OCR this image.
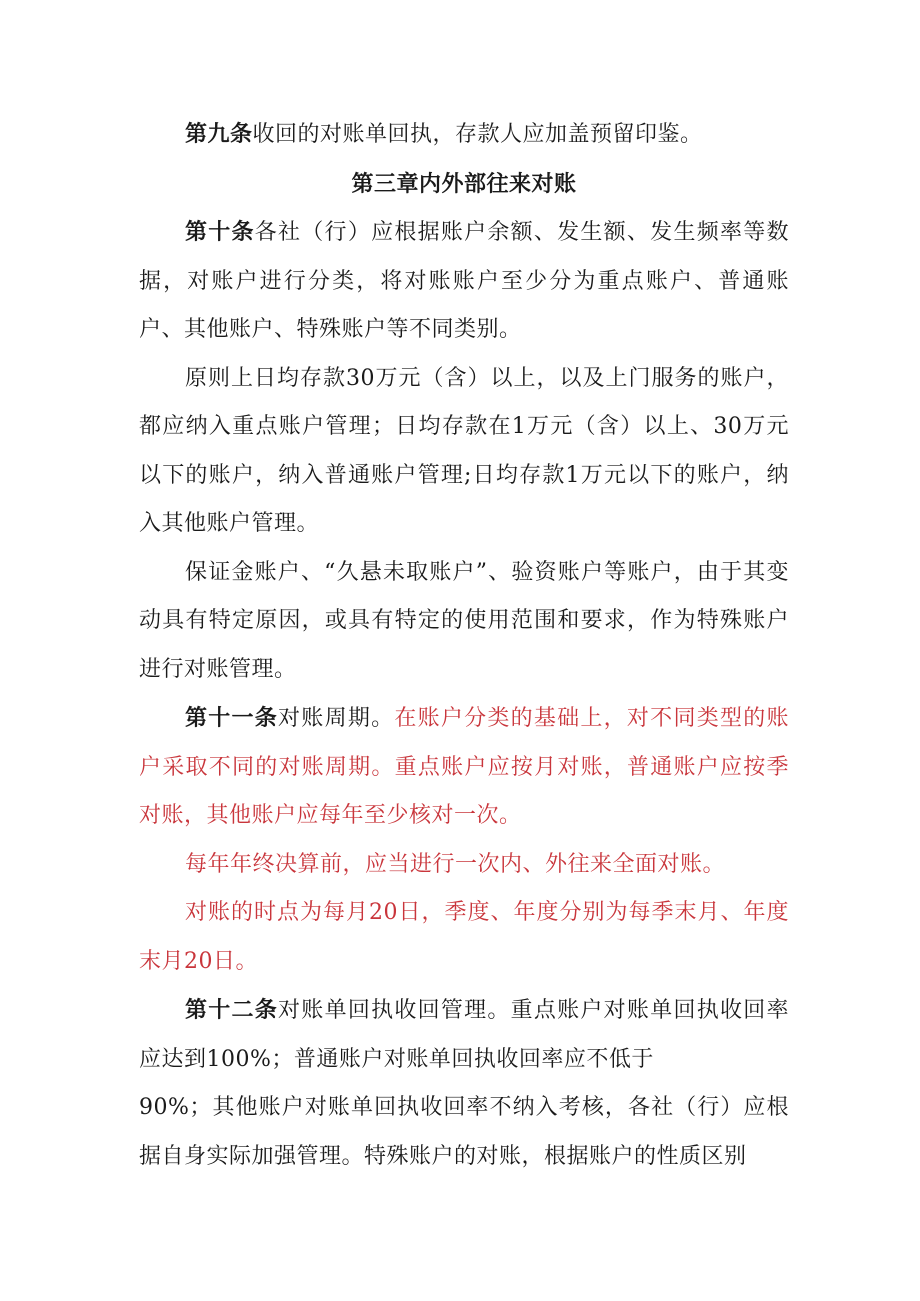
第九条收回的对账单回执，存款人应加盖预留印鉴。

第三章内外部往来对账

第十条各社（行）应根据账户余额、发生额、发生频率等数据，对账户进行分类，将对账账户至少分为重点账户、普通账户、其他账户、特殊账户等不同类别。

原则上日均存款30万元（含）以上，以及上门服务的账户，都应纳入重点账户管理；日均存款在1万元（含）以上、30万元以下的账户，纳入普通账户管理;日均存款1万元以下的账户，纳入其他账户管理。

保证金账户、“久悬未取账户”、验资账户等账户，由于其变动具有特定原因，或具有特定的使用范围和要求，作为特殊账户进行对账管理。

第十一条对账周期。在账户分类的基础上，对不同类型的账户采取不同的对账周期。重点账户应按月对账，普通账户应按季对账，其他账户应每年至少核对一次。

每年年终决算前，应当进行一次内、外往来全面对账。

对账的时点为每月20日，季度、年度分别为每季末月、年度末月20日。

第十二条对账单回执收回管理。重点账户对账单回执收回率应达到100%；普通账户对账单回执收回率应不低于

90%；其他账户对账单回执收回率不纳入考核，各社（行）应根据自身实际加强管理。特殊账户的对账，根据账户的性质区别
